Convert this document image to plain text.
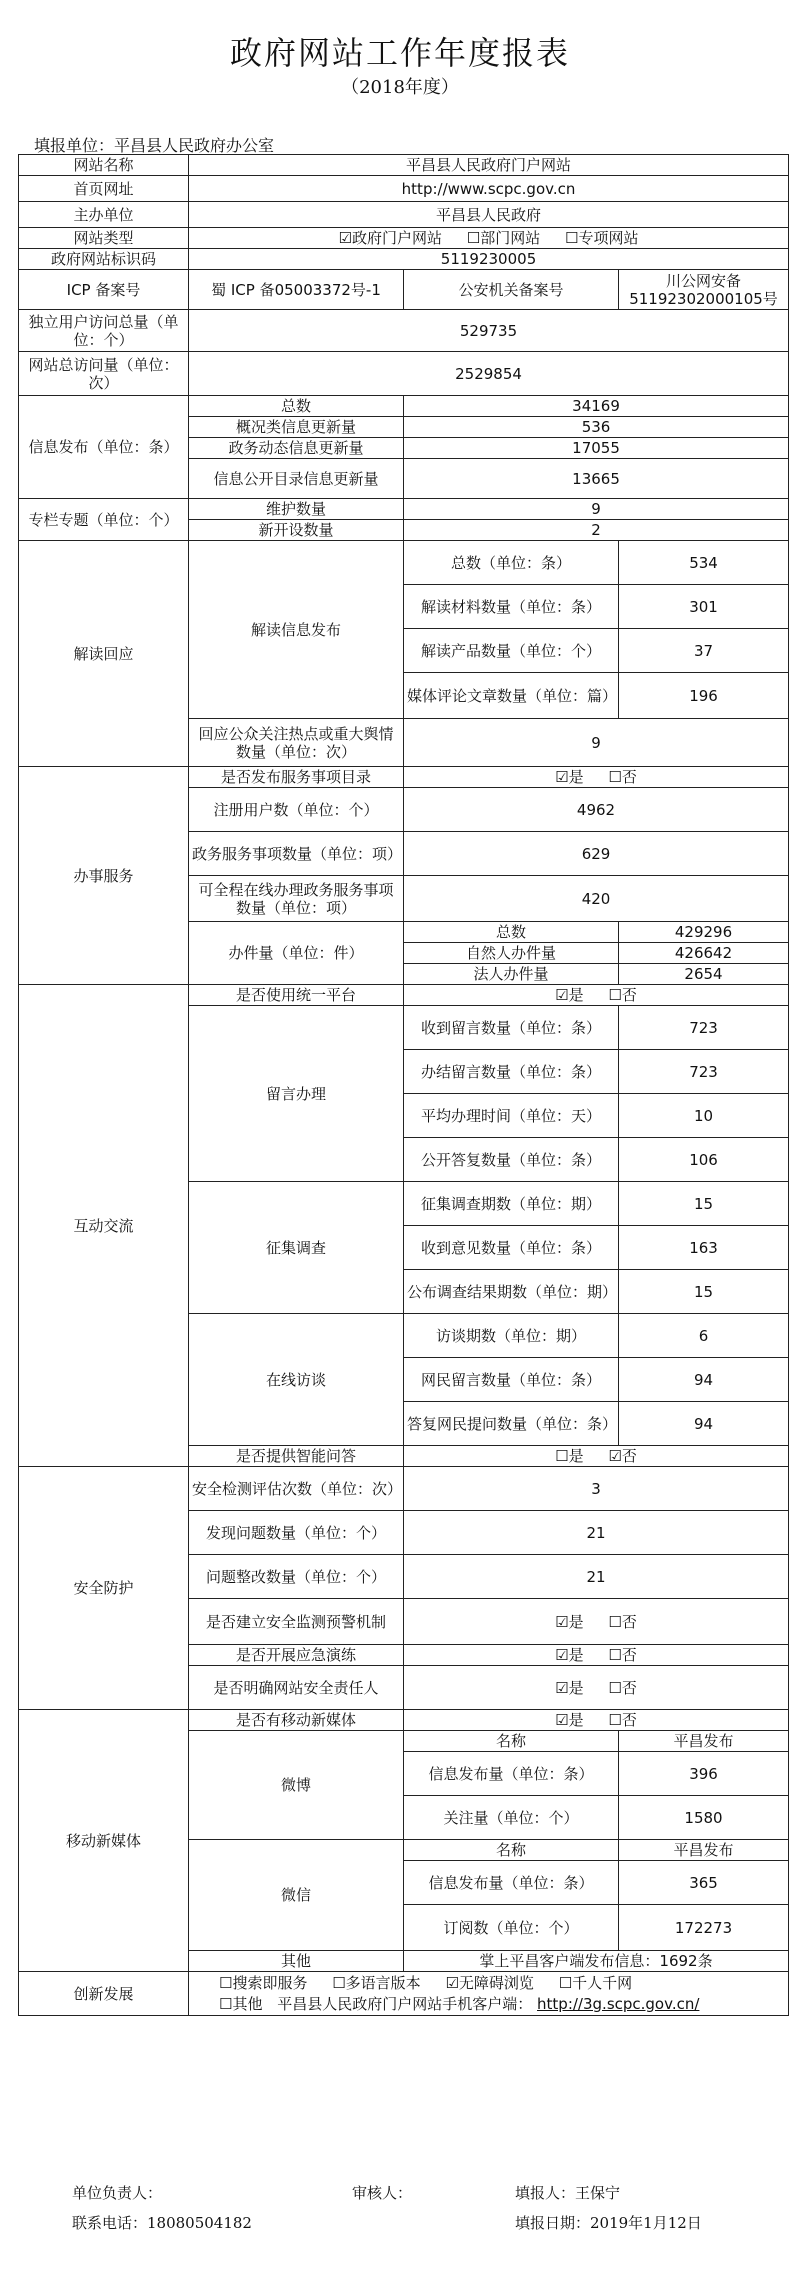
政府网站工作年度报表
（2018年度）
填报单位：平昌县人民政府办公室
网站名称	平昌县人民政府门户网站		
首页网址	http://www.scpc.gov.cn		
主办单位	平昌县人民政府		
网站类型	☑政府门户网站 ☐部门网站 ☐专项网站		
政府网站标识码	5119230005		
ICP 备案号	蜀 ICP 备05003372号-1	公安机关备案号	川公网安备51192302000105号
独立用户访问总量（单位：个）	529735		
网站总访问量（单位：次）	2529854		
信息发布（单位：条）	总数	34169	
	概况类信息更新量	536	
	政务动态信息更新量	17055	
	信息公开目录信息更新量	13665	
专栏专题（单位：个）	维护数量	9	
	新开设数量	2	
解读回应	解读信息发布	总数（单位：条）	534
		解读材料数量（单位：条）	301
		解读产品数量（单位：个）	37
		媒体评论文章数量（单位：篇）	196
	回应公众关注热点或重大舆情数量（单位：次）	9	
办事服务	是否发布服务事项目录	☑是 ☐否	
	注册用户数（单位：个）	4962	
	政务服务事项数量（单位：项）	629	
	可全程在线办理政务服务事项数量（单位：项）	420	
	办件量（单位：件）	总数	429296
		自然人办件量	426642
		法人办件量	2654
互动交流	是否使用统一平台	☑是 ☐否	
	留言办理	收到留言数量（单位：条）	723
		办结留言数量（单位：条）	723
		平均办理时间（单位：天）	10
		公开答复数量（单位：条）	106
	征集调查	征集调查期数（单位：期）	15
		收到意见数量（单位：条）	163
		公布调查结果期数（单位：期）	15
	在线访谈	访谈期数（单位：期）	6
		网民留言数量（单位：条）	94
		答复网民提问数量（单位：条）	94
	是否提供智能问答	☐是 ☑否	
安全防护	安全检测评估次数（单位：次）	3	
	发现问题数量（单位：个）	21	
	问题整改数量（单位：个）	21	
	是否建立安全监测预警机制	☑是 ☐否	
	是否开展应急演练	☑是 ☐否	
	是否明确网站安全责任人	☑是 ☐否	
移动新媒体	是否有移动新媒体	☑是 ☐否	
	微博	名称	平昌发布
		信息发布量（单位：条）	396
		关注量（单位：个）	1580
	微信	名称	平昌发布
		信息发布量（单位：条）	365
		订阅数（单位：个）	172273
	其他	掌上平昌客户端发布信息：1692条	
创新发展	☐搜索即服务 ☐多语言版本 ☑无障碍浏览 ☐千人千网
☐其他 平昌县人民政府门户网站手机客户端： http://3g.scpc.gov.cn/		
单位负责人：	审核人：	填报人：王保宁
联系电话：18080504182	填报日期：2019年1月12日
